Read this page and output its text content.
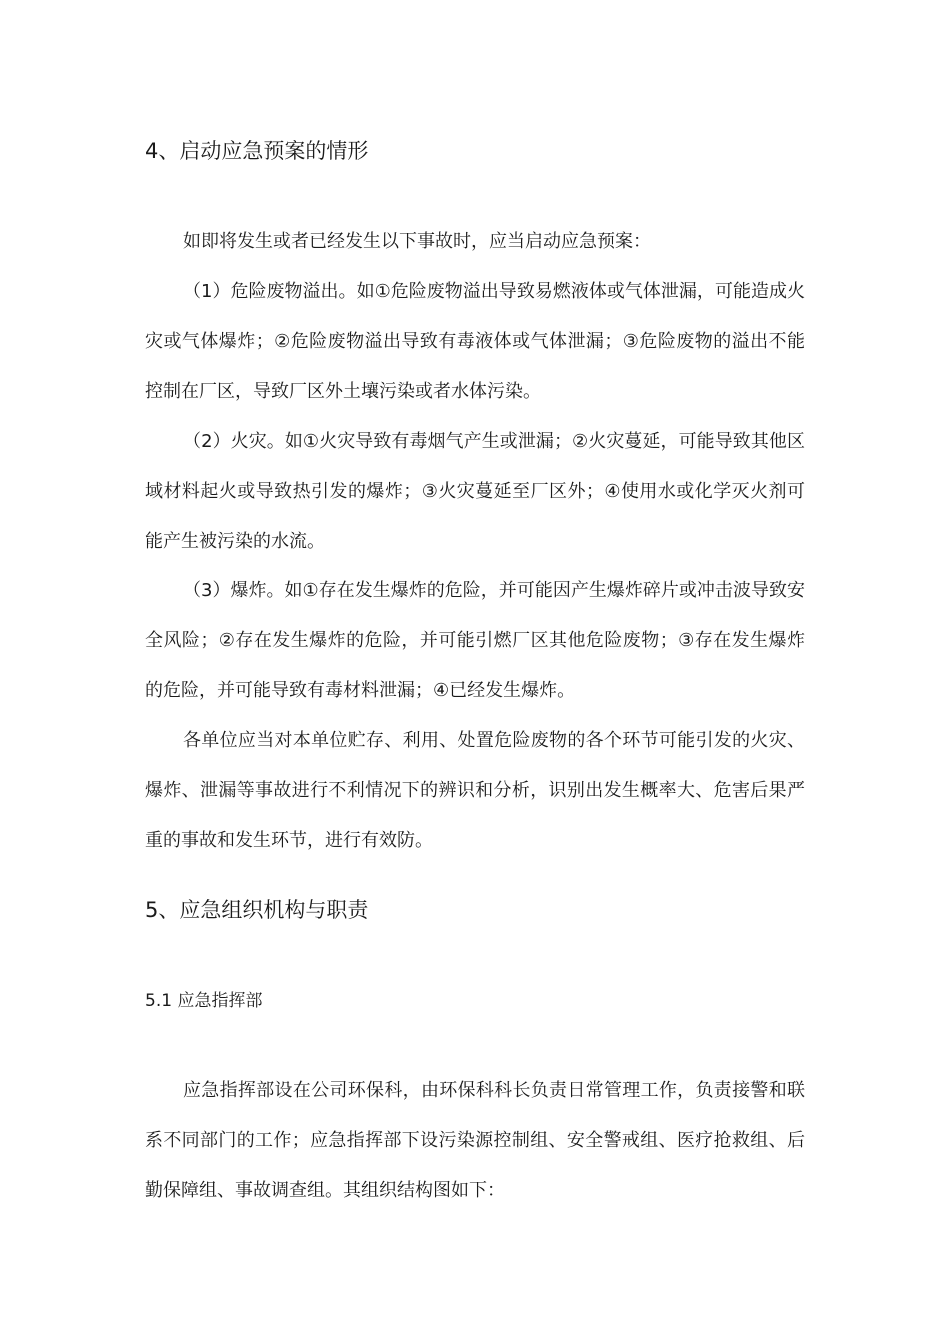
4、启动应急预案的情形

如即将发生或者已经发生以下事故时，应当启动应急预案：

（1）危险废物溢出。如①危险废物溢出导致易燃液体或气体泄漏，可能造成火灾或气体爆炸；②危险废物溢出导致有毒液体或气体泄漏；③危险废物的溢出不能控制在厂区，导致厂区外土壤污染或者水体污染。

（2）火灾。如①火灾导致有毒烟气产生或泄漏；②火灾蔓延，可能导致其他区域材料起火或导致热引发的爆炸；③火灾蔓延至厂区外；④使用水或化学灭火剂可能产生被污染的水流。

（3）爆炸。如①存在发生爆炸的危险，并可能因产生爆炸碎片或冲击波导致安全风险；②存在发生爆炸的危险，并可能引燃厂区其他危险废物；③存在发生爆炸的危险，并可能导致有毒材料泄漏；④已经发生爆炸。

各单位应当对本单位贮存、利用、处置危险废物的各个环节可能引发的火灾、爆炸、泄漏等事故进行不利情况下的辨识和分析，识别出发生概率大、危害后果严重的事故和发生环节，进行有效防。

5、应急组织机构与职责
5.1 应急指挥部

应急指挥部设在公司环保科，由环保科科长负责日常管理工作，负责接警和联系不同部门的工作；应急指挥部下设污染源控制组、安全警戒组、医疗抢救组、后勤保障组、事故调查组。其组织结构图如下：
